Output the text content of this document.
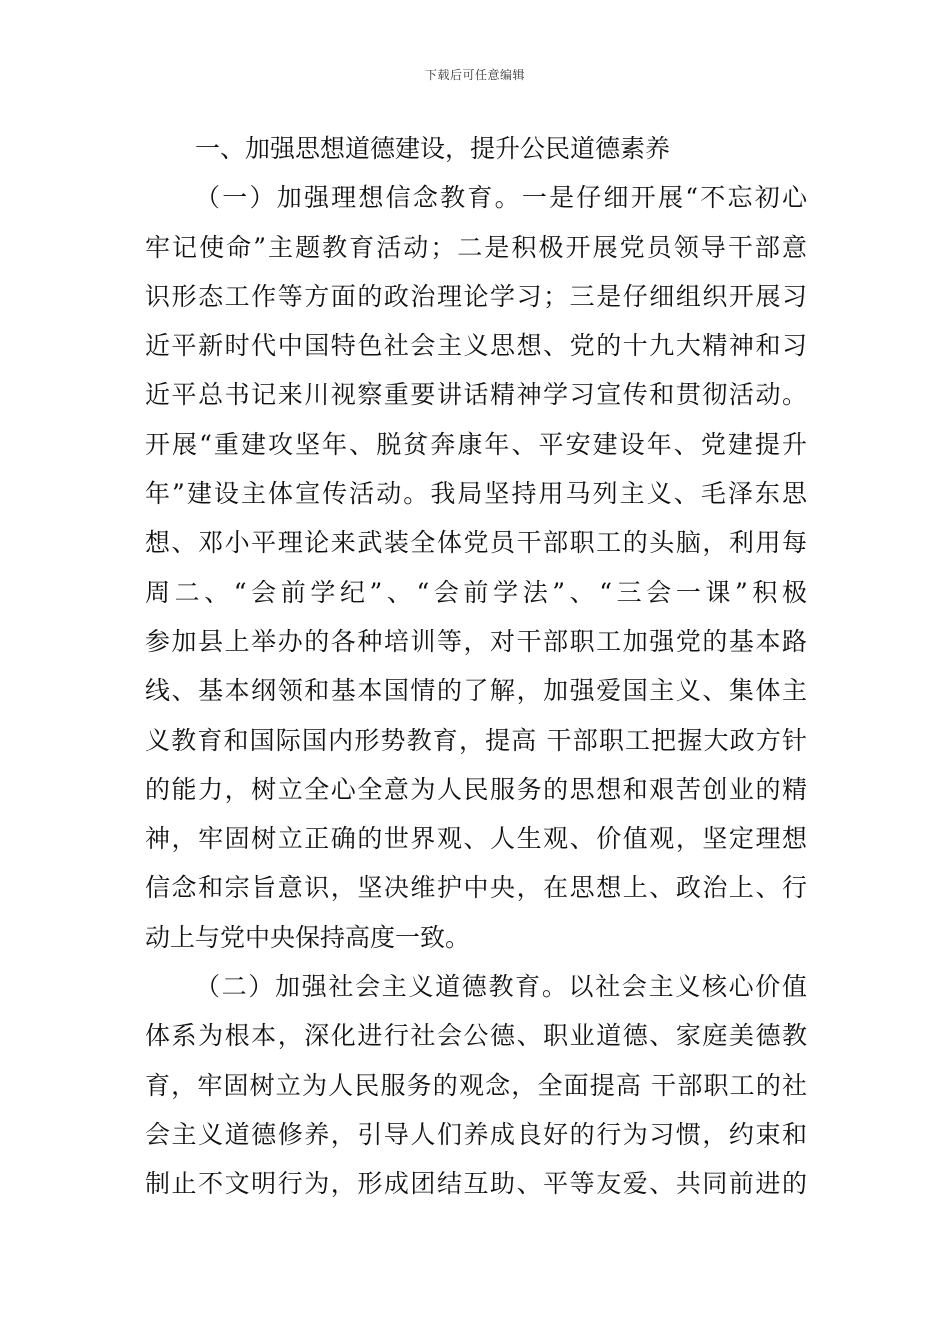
下载后可任意编辑
一、加强思想道德建设，提升公民道德素养
（一）加强理想信念教育。一是仔细开展“不忘初心
牢记使命”主题教育活动；二是积极开展党员领导干部意
识形态工作等方面的政治理论学习；三是仔细组织开展习
近平新时代中国特色社会主义思想、党的十九大精神和习
近平总书记来川视察重要讲话精神学习宣传和贯彻活动。
开展“重建攻坚年、脱贫奔康年、平安建设年、党建提升
年”建设主体宣传活动。我局坚持用马列主义、毛泽东思
想、邓小平理论来武装全体党员干部职工的头脑，利用每
周二、“会前学纪”、“会前学法”、“三会一课”积极
参加县上举办的各种培训等，对干部职工加强党的基本路
线、基本纲领和基本国情的了解，加强爱国主义、集体主
义教育和国际国内形势教育，提高 干部职工把握大政方针
的能力，树立全心全意为人民服务的思想和艰苦创业的精
神，牢固树立正确的世界观、人生观、价值观，坚定理想
信念和宗旨意识，坚决维护中央，在思想上、政治上、行
动上与党中央保持高度一致。
（二）加强社会主义道德教育。以社会主义核心价值
体系为根本，深化进行社会公德、职业道德、家庭美德教
育，牢固树立为人民服务的观念，全面提高 干部职工的社
会主义道德修养，引导人们养成良好的行为习惯，约束和
制止不文明行为，形成团结互助、平等友爱、共同前进的
